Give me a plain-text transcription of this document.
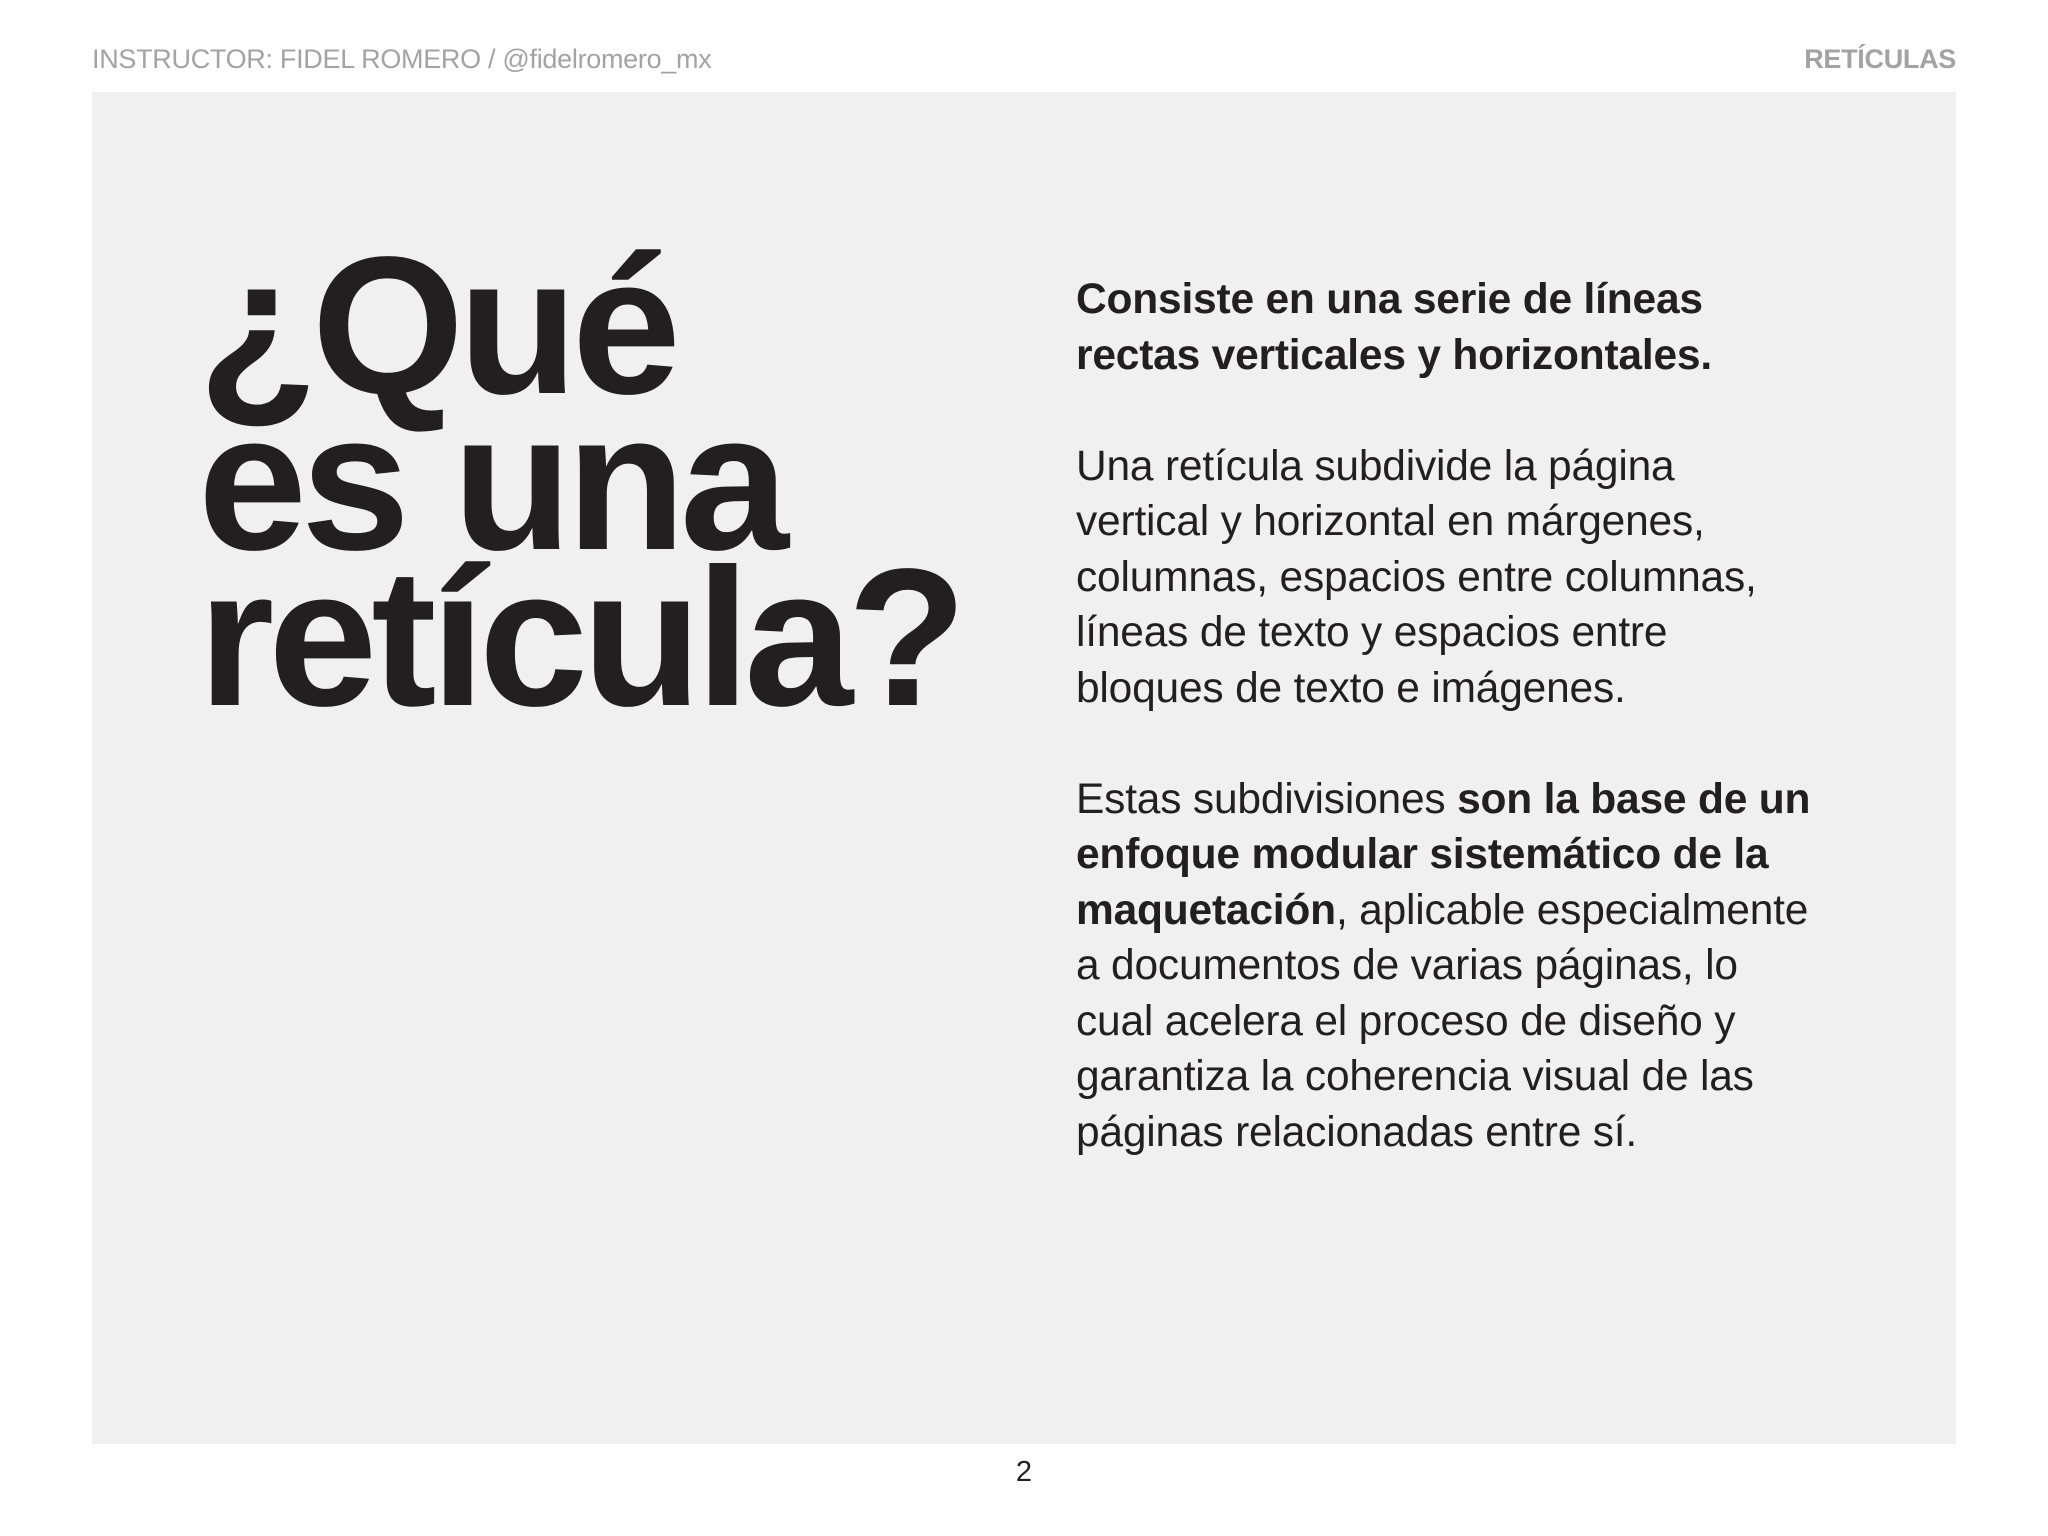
INSTRUCTOR: FIDEL ROMERO / @fidelromero_mx	RETÍCULAS
¿Qué
es una
retícula?
Consiste en una serie de líneas
rectas verticales y horizontales.
Una retícula subdivide la página
vertical y horizontal en márgenes,
columnas, espacios entre columnas,
líneas de texto y espacios entre
bloques de texto e imágenes.
Estas subdivisiones son la base de un
enfoque modular sistemático de la
maquetación, aplicable especialmente
a documentos de varias páginas, lo
cual acelera el proceso de diseño y
garantiza la coherencia visual de las
páginas relacionadas entre sí.
2
